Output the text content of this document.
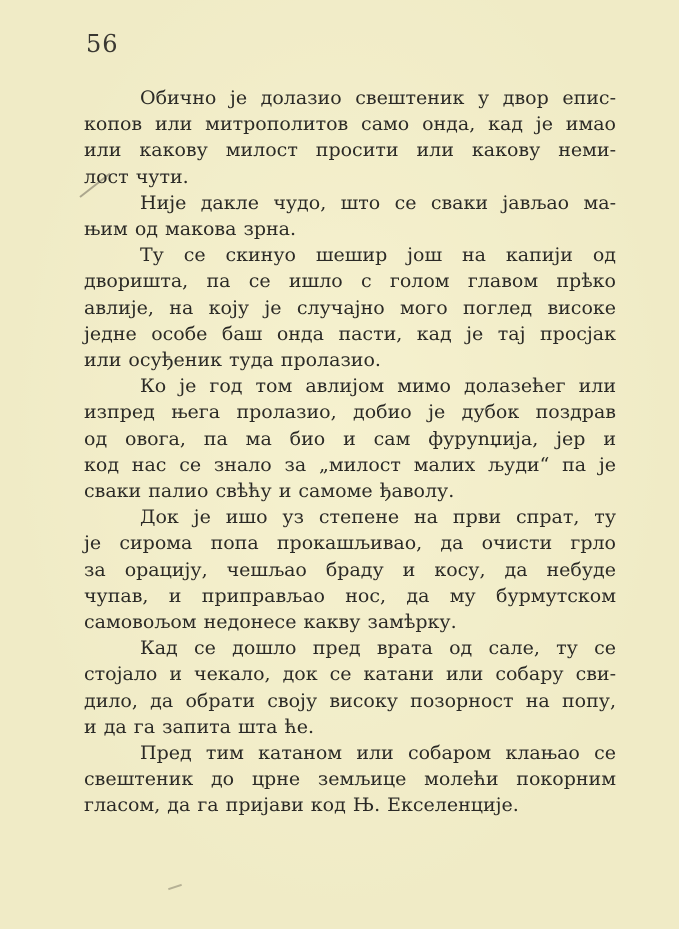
56

Обично је долазио свештеник у двор епис-
копов или митрополитов само онда, кад је имао
или какову милост просити или какову неми-
лост чути.

Није дакле чудо, што се сваки јављао ма-
њим од макова зрна.

Ту се скинуо шешир још на капији од
дворишта, па се ишло с голом главом прѣко
авлије, на коју је случајно мого поглед високе
једне особе баш онда пасти, кад је тај просјак
или осуђеник туда пролазио.

Ко је год том авлијом мимо долазећег или
изпред њега пролазио, добио је дубок поздрав
од овога, па ма био и сам фуруnџија, јер и
код нас се знало за „милост малих људи“ па је
сваки палио свѣћу и самоме ђаволу.

Док је ишо уз степене на први спрат, ту
је сирома попа прокашљивао, да очисти грло
за орацију, чешљао браду и косу, да небуде
чупав, и приправљао нос, да му бурмутском
самовољом недонесе какву замѣрку.

Кад се дошло пред врата од сале, ту се
стојало и чекало, док се катани или собару сви-
дило, да обрати своју високу позорност на попу,
и да га запита шта ће.

Пред тим катаном или собаром клањао се
свештеник до црне земљице молећи покорним
гласом, да га пријави код Њ. Екселенције.
